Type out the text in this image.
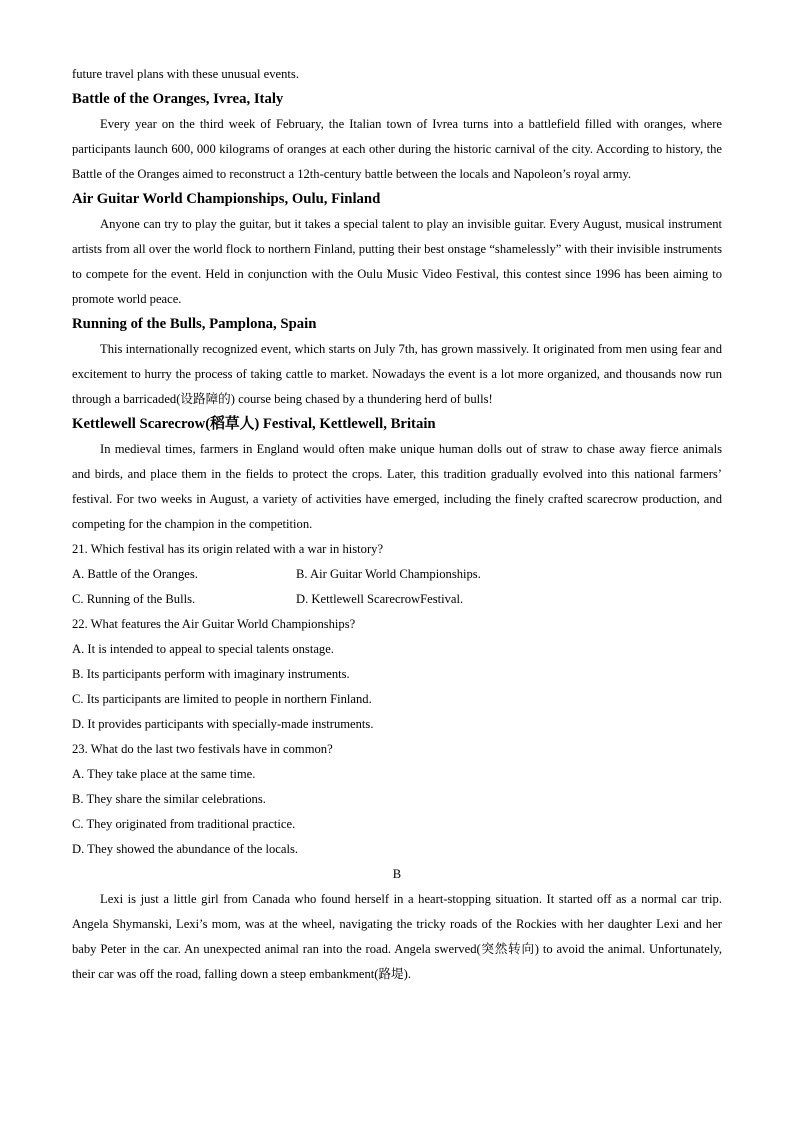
future travel plans with these unusual events.

Battle of the Oranges, Ivrea, Italy

Every year on the third week of February, the Italian town of Ivrea turns into a battlefield filled with oranges, where participants launch 600, 000 kilograms of oranges at each other during the historic carnival of the city. According to history, the Battle of the Oranges aimed to reconstruct a 12th-century battle between the locals and Napoleon’s royal army.

Air Guitar World Championships, Oulu, Finland

Anyone can try to play the guitar, but it takes a special talent to play an invisible guitar. Every August, musical instrument artists from all over the world flock to northern Finland, putting their best onstage “shamelessly” with their invisible instruments to compete for the event. Held in conjunction with the Oulu Music Video Festival, this contest since 1996 has been aiming to promote world peace.

Running of the Bulls, Pamplona, Spain

This internationally recognized event, which starts on July 7th, has grown massively. It originated from men using fear and excitement to hurry the process of taking cattle to market. Nowadays the event is a lot more organized, and thousands now run through a barricaded(设路障的) course being chased by a thundering herd of bulls!

Kettlewell Scarecrow(稻草人) Festival, Kettlewell, Britain

In medieval times, farmers in England would often make unique human dolls out of straw to chase away fierce animals and birds, and place them in the fields to protect the crops. Later, this tradition gradually evolved into this national farmers’ festival. For two weeks in August, a variety of activities have emerged, including the finely crafted scarecrow production, and competing for the champion in the competition.

21. Which festival has its origin related with a war in history?

A. Battle of the Oranges.	B. Air Guitar World Championships.
C. Running of the Bulls.	D. Kettlewell ScarecrowFestival.

22. What features the Air Guitar World Championships?

A. It is intended to appeal to special talents onstage.

B. Its participants perform with imaginary instruments.

C. Its participants are limited to people in northern Finland.

D. It provides participants with specially-made instruments.

23. What do the last two festivals have in common?

A. They take place at the same time.

B. They share the similar celebrations.

C. They originated from traditional practice.

D. They showed the abundance of the locals.

B

Lexi is just a little girl from Canada who found herself in a heart-stopping situation. It started off as a normal car trip. Angela Shymanski, Lexi’s mom, was at the wheel, navigating the tricky roads of the Rockies with her daughter Lexi and her baby Peter in the car. An unexpected animal ran into the road. Angela swerved(突然转向) to avoid the animal. Unfortunately, their car was off the road, falling down a steep embankment(路堤).
